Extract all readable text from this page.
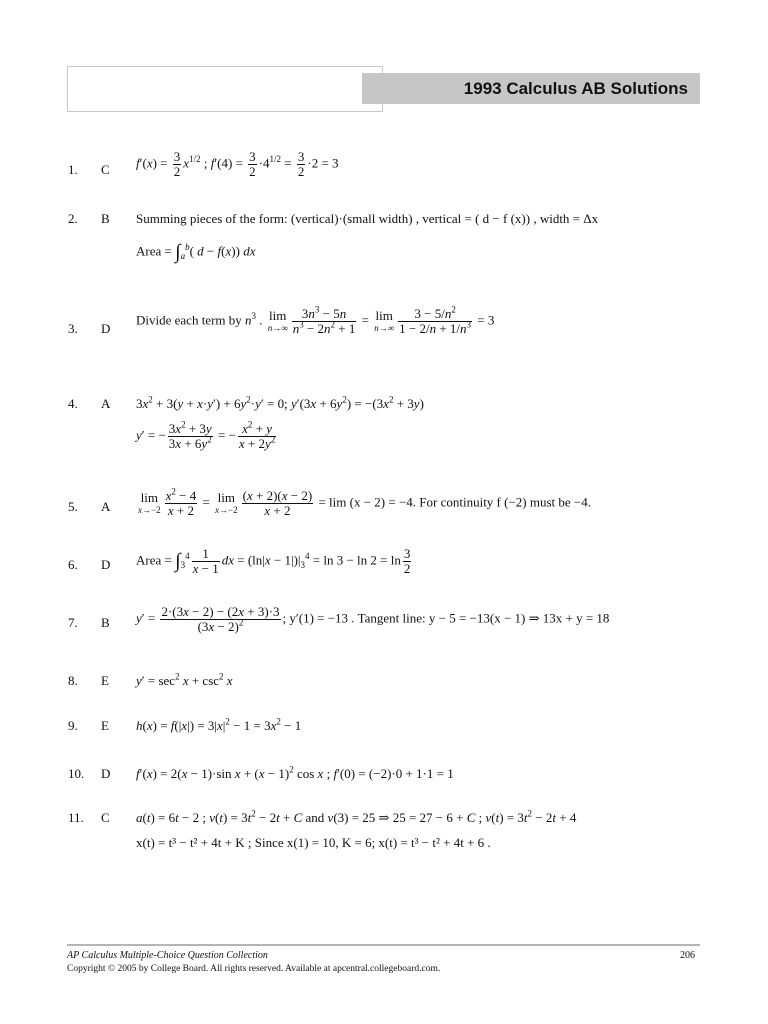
1993 Calculus AB Solutions
1. C $f'(x) = \frac{3}{2} x^{1/2}$ ; $f'(4) = \frac{3}{2} \cdot 4^{1/2} = \frac{3}{2} \cdot 2 = 3$
2. B Summing pieces of the form: (vertical)·(small width) , vertical = ( d − f (x)) , width = Δx
Area = $\int_a^b$( d − f(x)) dx
3. D
Divide each term by $n^3$ . lim
$n\to\infty \frac{3n^3 - 5n}{n^3 - 2n^2 + 1} = \lim$
$n\to\infty \frac{3 - 5/n^2}{1 - 2/n + 1/n^3} = 3$
4. A $3x^2 + 3(y + x\cdot y') + 6y^2\cdot y' = 0$; $y'(3x + 6y^2) = -(3x^2 + 3y)$
y′ = − $\frac{3x^2 + 3y}{3x + 6y^2}$ = − $\frac{x^2 + y}{x + 2y^2}$
5. A
lim
$x\to-2 \frac{x^2 - 4}{x + 2} = \lim$
$x\to-2 \frac{(x + 2)(x - 2)}{x + 2} = \lim (x - 2) = -4$. For continuity f (−2) must be −4.
6. D Area = $\int_3^4 \frac{1}{x - 1}$ dx = $(\ln|x - 1|)|_3^4 = \ln 3 - \ln 2 = \ln \frac{3}{2}$
7. B $y' = \frac{2\cdot(3x - 2) - (2x + 3)\cdot 3}{(3x - 2)^2}$ ; y′(1) = −13 . Tangent line: y − 5 = −13(x − 1) ⇒ 13x + y = 18
8. E $y' = \sec^2 x + \csc^2 x$
9. E $h(x) = f(|x|) = 3|x|^2 - 1 = 3x^2 - 1$
10. D f′(x) = 2(x − 1)·sin $x + (x - 1)^2$ cos x ; f′(0) = (−2)·0 + 1·1 = 1
11. C a(t) = 6t − 2 ; $v(t) = 3t^2 - 2t + C$ and v(3) = 25 ⇒ 25 = 27 − 6 + C ; $v(t) = 3t^2 - 2t + 4$
x(t) = t³ − t² + 4t + K ; Since x(1) = 10, K = 6; x(t) = t³ − t² + 4t + 6 .
AP Calculus Multiple-Choice Question Collection
Copyright © 2005 by College Board. All rights reserved. Available at apcentral.collegeboard.com.
206
